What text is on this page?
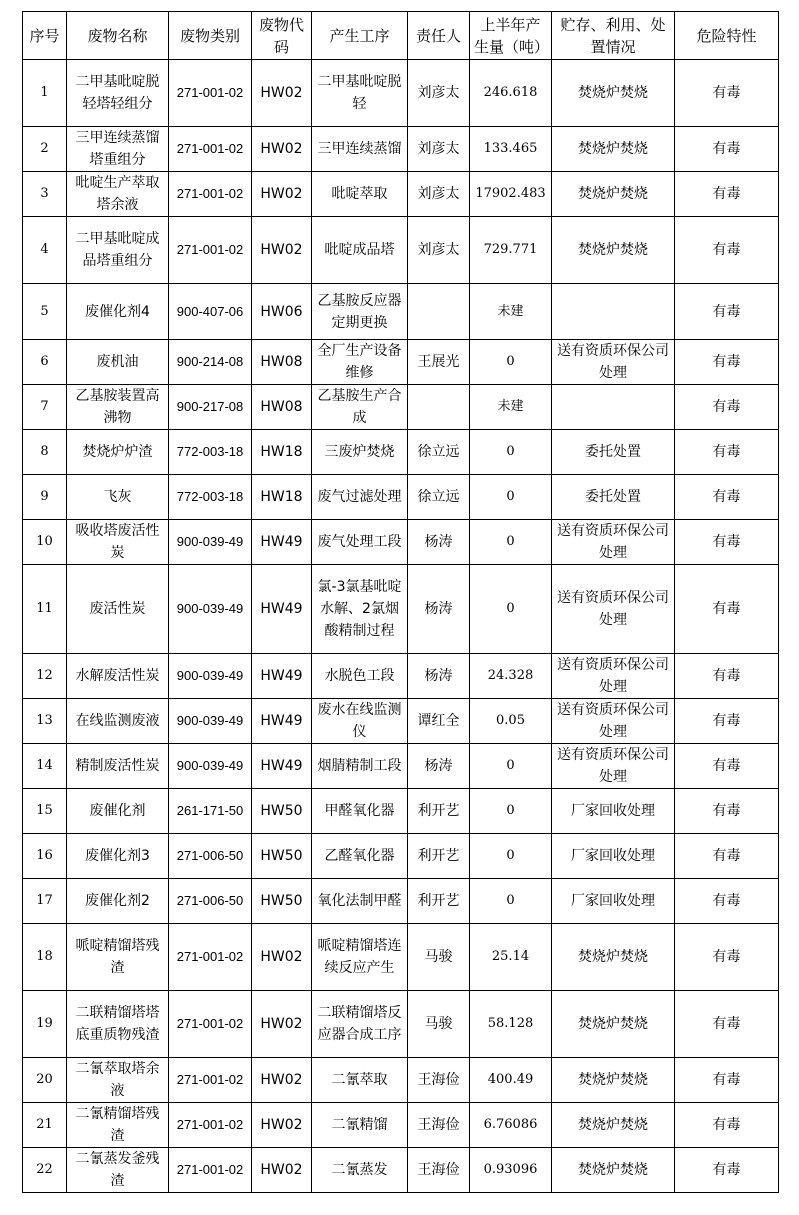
序号	废物名称	废物类别	废物代码	产生工序	责任人	上半年产生量（吨）	贮存、利用、处置情况	危险特性
1	二甲基吡啶脱轻塔轻组分	271-001-02	HW02	二甲基吡啶脱轻	刘彦太	246.618	焚烧炉焚烧	有毒
2	三甲连续蒸馏塔重组分	271-001-02	HW02	三甲连续蒸馏	刘彦太	133.465	焚烧炉焚烧	有毒
3	吡啶生产萃取塔余液	271-001-02	HW02	吡啶萃取	刘彦太	17902.483	焚烧炉焚烧	有毒
4	二甲基吡啶成品塔重组分	271-001-02	HW02	吡啶成品塔	刘彦太	729.771	焚烧炉焚烧	有毒
5	废催化剂4	900-407-06	HW06	乙基胺反应器定期更换		未建		有毒
6	废机油	900-214-08	HW08	全厂生产设备维修	王展光	0	送有资质环保公司处理	有毒
7	乙基胺装置高沸物	900-217-08	HW08	乙基胺生产合成		未建		有毒
8	焚烧炉炉渣	772-003-18	HW18	三废炉焚烧	徐立远	0	委托处置	有毒
9	飞灰	772-003-18	HW18	废气过滤处理	徐立远	0	委托处置	有毒
10	吸收塔废活性炭	900-039-49	HW49	废气处理工段	杨涛	0	送有资质环保公司处理	有毒
11	废活性炭	900-039-49	HW49	氯-3氯基吡啶水解、2氯烟酸精制过程	杨涛	0	送有资质环保公司处理	有毒
12	水解废活性炭	900-039-49	HW49	水脱色工段	杨涛	24.328	送有资质环保公司处理	有毒
13	在线监测废液	900-039-49	HW49	废水在线监测仪	谭红全	0.05	送有资质环保公司处理	有毒
14	精制废活性炭	900-039-49	HW49	烟腈精制工段	杨涛	0	送有资质环保公司处理	有毒
15	废催化剂	261-171-50	HW50	甲醛氧化器	利开艺	0	厂家回收处理	有毒
16	废催化剂3	271-006-50	HW50	乙醛氧化器	利开艺	0	厂家回收处理	有毒
17	废催化剂2	271-006-50	HW50	氧化法制甲醛	利开艺	0	厂家回收处理	有毒
18	哌啶精馏塔残渣	271-001-02	HW02	哌啶精馏塔连续反应产生	马骏	25.14	焚烧炉焚烧	有毒
19	二联精馏塔塔底重质物残渣	271-001-02	HW02	二联精馏塔反应器合成工序	马骏	58.128	焚烧炉焚烧	有毒
20	二氰萃取塔余液	271-001-02	HW02	二氰萃取	王海俭	400.49	焚烧炉焚烧	有毒
21	二氰精馏塔残渣	271-001-02	HW02	二氰精馏	王海俭	6.76086	焚烧炉焚烧	有毒
22	二氰蒸发釜残渣	271-001-02	HW02	二氰蒸发	王海俭	0.93096	焚烧炉焚烧	有毒
